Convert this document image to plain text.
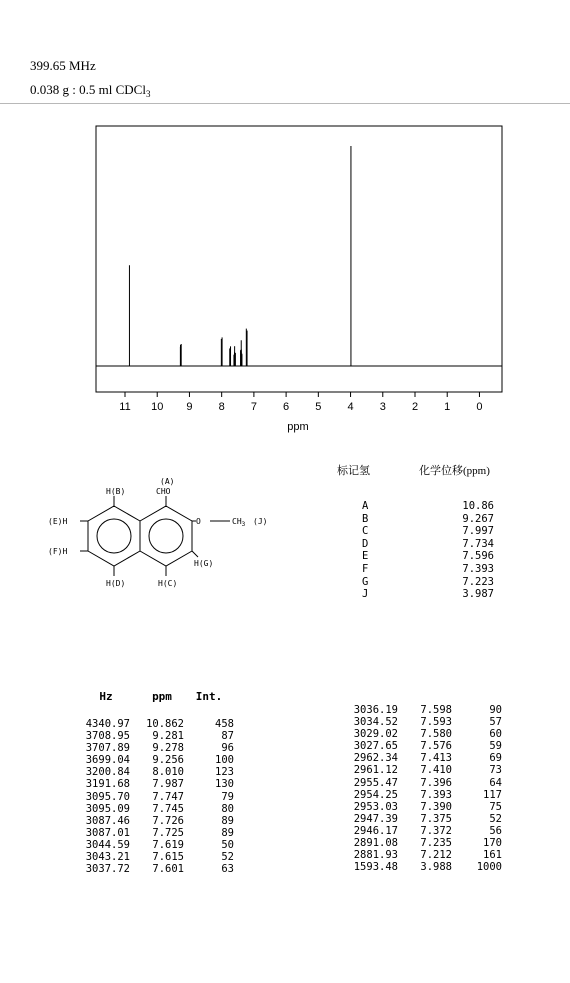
399.65 MHz
0.038 g : 0.5 ml CDCl$_3$
11 10 9 8 7 6 5 4 3 2 1 0
ppm
(A)
CHO
H(B)
(E)H
(F)H
H(D)	H(C)
H(G)
O	$CH_3$ (J)
标记氢	化学位移(ppm)
A	10.86
B	9.267
C	7.997
D	7.734
E	7.596
F	7.393
G	7.223
J	3.987
Hz	ppm	Int.
4340.97	10.862	458
3708.95	9.281	87
3707.89	9.278	96
3699.04	9.256	100
3200.84	8.010	123
3191.68	7.987	130
3095.70	7.747	79
3095.09	7.745	80
3087.46	7.726	89
3087.01	7.725	89
3044.59	7.619	50
3043.21	7.615	52
3037.72	7.601	63
3036.19	7.598	90
3034.52	7.593	57
3029.02	7.580	60
3027.65	7.576	59
2962.34	7.413	69
2961.12	7.410	73
2955.47	7.396	64
2954.25	7.393	117
2953.03	7.390	75
2947.39	7.375	52
2946.17	7.372	56
2891.08	7.235	170
2881.93	7.212	161
1593.48	3.988	1000
